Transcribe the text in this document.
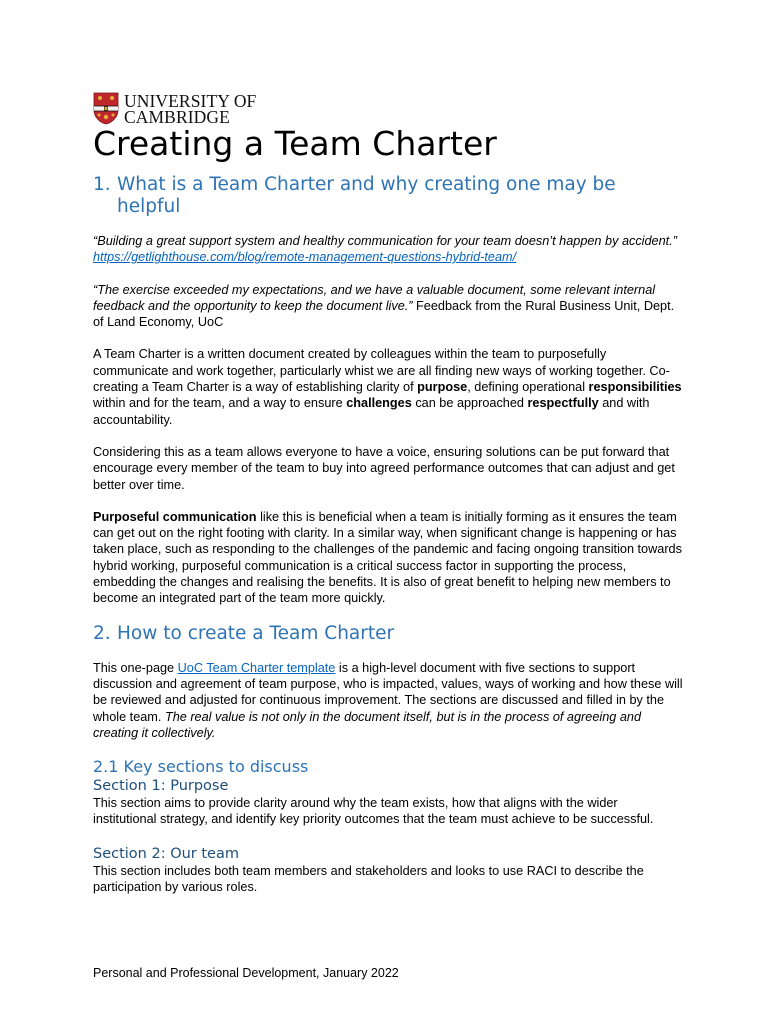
UNIVERSITY OF
CAMBRIDGE
Creating a Team Charter
1. What is a Team Charter and why creating one may be helpful

“Building a great support system and healthy communication for your team doesn’t happen by accident.”  https://getlighthouse.com/blog/remote-management-questions-hybrid-team/

“The exercise exceeded my expectations, and we have a valuable document, some relevant internal feedback and the opportunity to keep the document live.” Feedback from the Rural Business Unit, Dept. of Land Economy, UoC

A Team Charter is a written document created by colleagues within the team to purposefully communicate and work together, particularly whist we are all finding new ways of working together. Co-creating a Team Charter is a way of establishing clarity of purpose, defining operational responsibilities within and for the team, and a way to ensure challenges can be approached respectfully and with accountability.

Considering this as a team allows everyone to have a voice, ensuring solutions can be put forward that encourage every member of the team to buy into agreed performance outcomes that can adjust and get better over time.

Purposeful communication like this is beneficial when a team is initially forming as it ensures the team can get out on the right footing with clarity. In a similar way, when significant change is happening or has taken place, such as responding to the challenges of the pandemic and facing ongoing transition towards hybrid working, purposeful communication is a critical success factor in supporting the process, embedding the changes and realising the benefits. It is also of great benefit to helping new members to become an integrated part of the team more quickly.

2. How to create a Team Charter

This one-page UoC Team Charter template is a high-level document with five sections to support discussion and agreement of team purpose, who is impacted, values, ways of working and how these will be reviewed and adjusted for continuous improvement. The sections are discussed and filled in by the whole team. The real value is not only in the document itself, but is in the process of agreeing and creating it collectively.

2.1 Key sections to discuss
Section 1: Purpose

This section aims to provide clarity around why the team exists, how that aligns with the wider institutional strategy, and identify key priority outcomes that the team must achieve to be successful.

Section 2: Our team

This section includes both team members and stakeholders and looks to use RACI to describe the participation by various roles.

Personal and Professional Development, January 2022
